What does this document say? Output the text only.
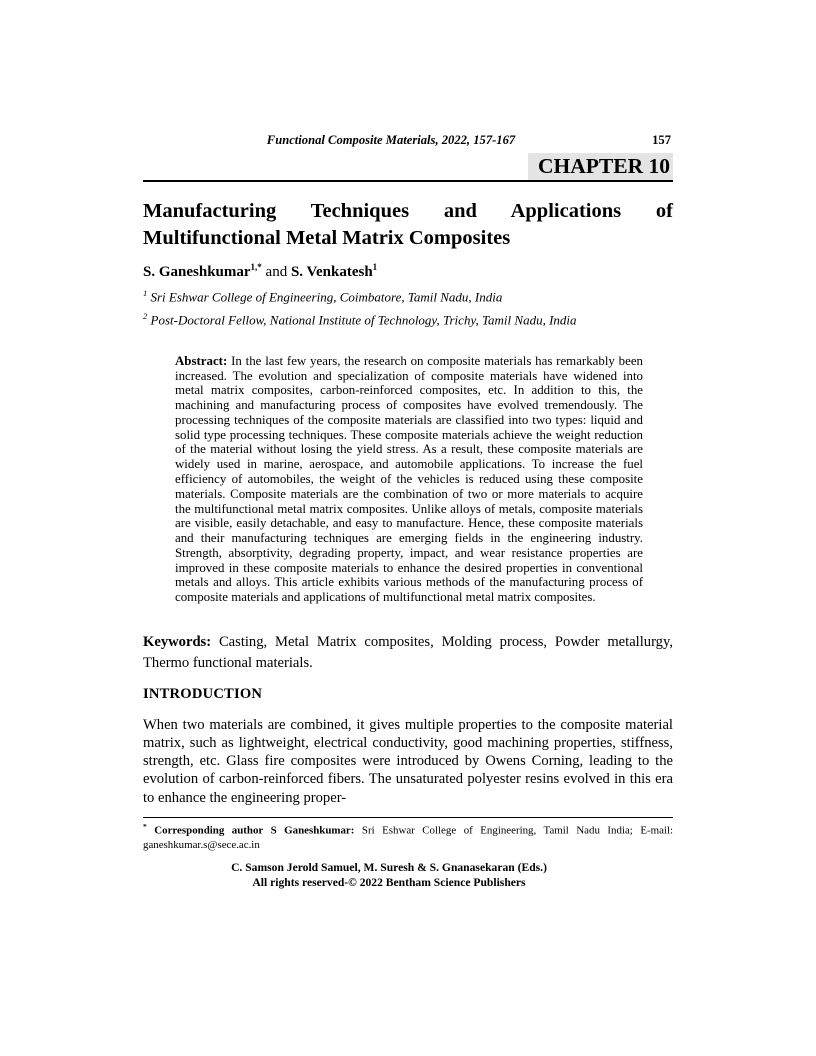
Functional Composite Materials, 2022, 157-167	157
CHAPTER 10
Manufacturing Techniques and Applications of
Multifunctional Metal Matrix Composites
S. Ganeshkumar$^{1,*}$ and S. Venkatesh$^1$

$^1$ Sri Eshwar College of Engineering, Coimbatore, Tamil Nadu, India

$^2$ Post-Doctoral Fellow, National Institute of Technology, Trichy, Tamil Nadu, India

Abstract: In the last few years, the research on composite materials has remarkably been increased. The evolution and specialization of composite materials have widened into metal matrix composites, carbon-reinforced composites, etc. In addition to this, the machining and manufacturing process of composites have evolved tremendously. The processing techniques of the composite materials are classified into two types: liquid and solid type processing techniques. These composite materials achieve the weight reduction of the material without losing the yield stress. As a result, these composite materials are widely used in marine, aerospace, and automobile applications. To increase the fuel efficiency of automobiles, the weight of the vehicles is reduced using these composite materials. Composite materials are the combination of two or more materials to acquire the multifunctional metal matrix composites. Unlike alloys of metals, composite materials are visible, easily detachable, and easy to manufacture. Hence, these composite materials and their manufacturing techniques are emerging fields in the engineering industry. Strength, absorptivity, degrading property, impact, and wear resistance properties are improved in these composite materials to enhance the desired properties in conventional metals and alloys. This article exhibits various methods of the manufacturing process of composite materials and applications of multifunctional metal matrix composites.

Keywords: Casting, Metal Matrix composites, Molding process, Powder metallurgy, Thermo functional materials.

INTRODUCTION

When two materials are combined, it gives multiple properties to the composite material matrix, such as lightweight, electrical conductivity, good machining properties, stiffness, strength, etc. Glass fire composites were introduced by Owens Corning, leading to the evolution of carbon-reinforced fibers. The unsaturated polyester resins evolved in this era to enhance the engineering proper-

* Corresponding author S Ganeshkumar: Sri Eshwar College of Engineering, Tamil Nadu India; E-mail: ganeshkumar.s@sece.ac.in

C. Samson Jerold Samuel, M. Suresh & S. Gnanasekaran (Eds.)
All rights reserved-© 2022 Bentham Science Publishers
